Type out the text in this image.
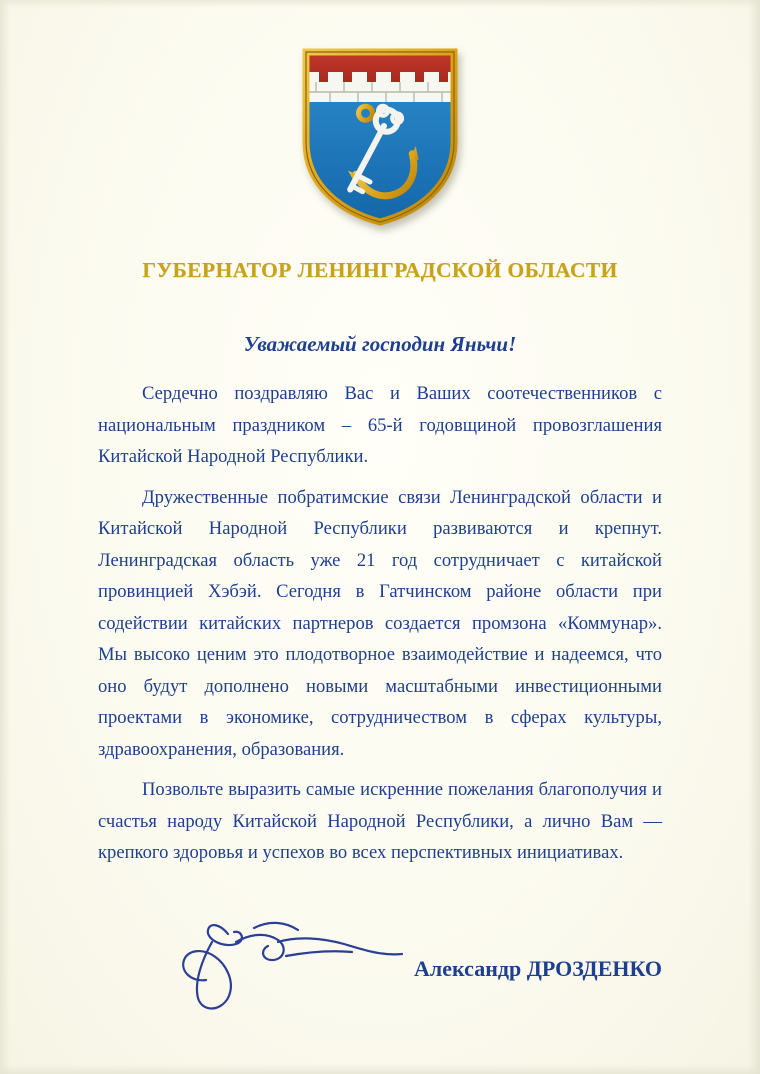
ГУБЕРНАТОР ЛЕНИНГРАДСКОЙ ОБЛАСТИ
Уважаемый господин Яньчи!

Сердечно поздравляю Вас и Ваших соотечественников с национальным праздником – 65-й годовщиной провозглашения Китайской Народной Республики.

Дружественные побратимские связи Ленинградской области и Китайской Народной Республики развиваются и крепнут. Ленинградская область уже 21 год сотрудничает с китайской провинцией Хэбэй. Сегодня в Гатчинском районе области при содействии китайских партнеров создается промзона «Коммунар». Мы высоко ценим это плодотворное взаимодействие и надеемся, что оно будут дополнено новыми масштабными инвестиционными проектами в экономике, сотрудничеством в сферах культуры, здравоохранения, образования.

Позвольте выразить самые искренние пожелания благополучия и счастья народу Китайской Народной Республики, а лично Вам — крепкого здоровья и успехов во всех перспективных инициативах.

Александр ДРОЗДЕНКО
